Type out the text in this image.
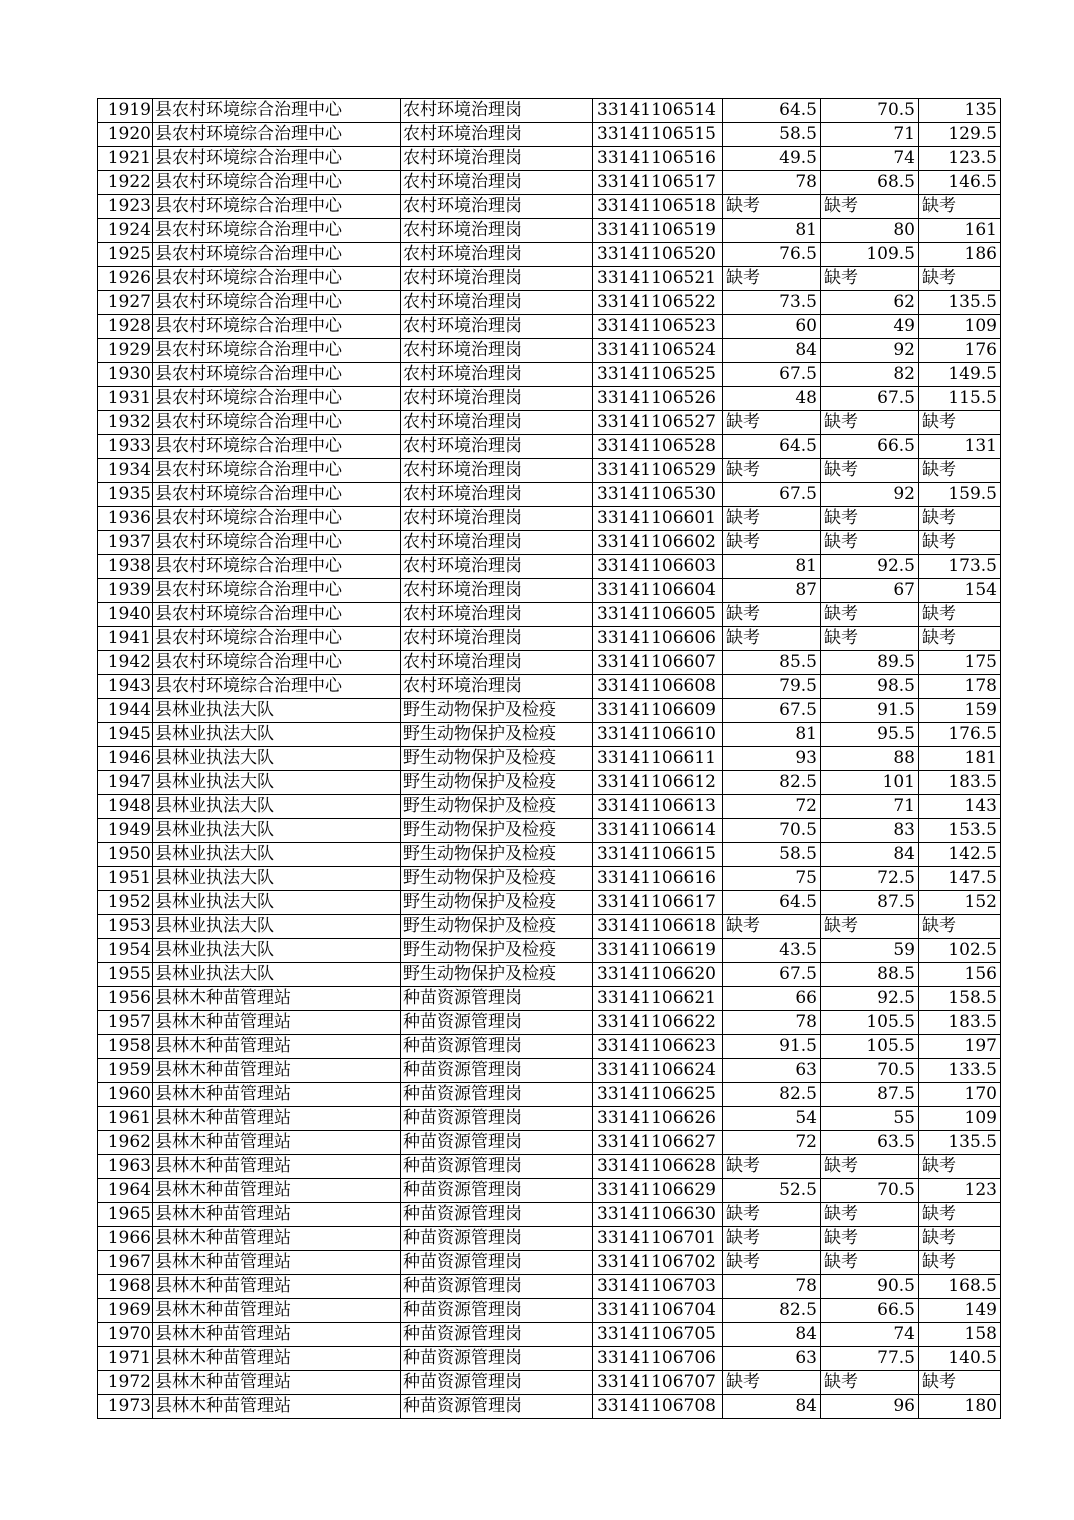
1919	县农村环境综合治理中心	农村环境治理岗	33141106514	64.5	70.5	135
1920	县农村环境综合治理中心	农村环境治理岗	33141106515	58.5	71	129.5
1921	县农村环境综合治理中心	农村环境治理岗	33141106516	49.5	74	123.5
1922	县农村环境综合治理中心	农村环境治理岗	33141106517	78	68.5	146.5
1923	县农村环境综合治理中心	农村环境治理岗	33141106518	缺考	缺考	缺考
1924	县农村环境综合治理中心	农村环境治理岗	33141106519	81	80	161
1925	县农村环境综合治理中心	农村环境治理岗	33141106520	76.5	109.5	186
1926	县农村环境综合治理中心	农村环境治理岗	33141106521	缺考	缺考	缺考
1927	县农村环境综合治理中心	农村环境治理岗	33141106522	73.5	62	135.5
1928	县农村环境综合治理中心	农村环境治理岗	33141106523	60	49	109
1929	县农村环境综合治理中心	农村环境治理岗	33141106524	84	92	176
1930	县农村环境综合治理中心	农村环境治理岗	33141106525	67.5	82	149.5
1931	县农村环境综合治理中心	农村环境治理岗	33141106526	48	67.5	115.5
1932	县农村环境综合治理中心	农村环境治理岗	33141106527	缺考	缺考	缺考
1933	县农村环境综合治理中心	农村环境治理岗	33141106528	64.5	66.5	131
1934	县农村环境综合治理中心	农村环境治理岗	33141106529	缺考	缺考	缺考
1935	县农村环境综合治理中心	农村环境治理岗	33141106530	67.5	92	159.5
1936	县农村环境综合治理中心	农村环境治理岗	33141106601	缺考	缺考	缺考
1937	县农村环境综合治理中心	农村环境治理岗	33141106602	缺考	缺考	缺考
1938	县农村环境综合治理中心	农村环境治理岗	33141106603	81	92.5	173.5
1939	县农村环境综合治理中心	农村环境治理岗	33141106604	87	67	154
1940	县农村环境综合治理中心	农村环境治理岗	33141106605	缺考	缺考	缺考
1941	县农村环境综合治理中心	农村环境治理岗	33141106606	缺考	缺考	缺考
1942	县农村环境综合治理中心	农村环境治理岗	33141106607	85.5	89.5	175
1943	县农村环境综合治理中心	农村环境治理岗	33141106608	79.5	98.5	178
1944	县林业执法大队	野生动物保护及检疫	33141106609	67.5	91.5	159
1945	县林业执法大队	野生动物保护及检疫	33141106610	81	95.5	176.5
1946	县林业执法大队	野生动物保护及检疫	33141106611	93	88	181
1947	县林业执法大队	野生动物保护及检疫	33141106612	82.5	101	183.5
1948	县林业执法大队	野生动物保护及检疫	33141106613	72	71	143
1949	县林业执法大队	野生动物保护及检疫	33141106614	70.5	83	153.5
1950	县林业执法大队	野生动物保护及检疫	33141106615	58.5	84	142.5
1951	县林业执法大队	野生动物保护及检疫	33141106616	75	72.5	147.5
1952	县林业执法大队	野生动物保护及检疫	33141106617	64.5	87.5	152
1953	县林业执法大队	野生动物保护及检疫	33141106618	缺考	缺考	缺考
1954	县林业执法大队	野生动物保护及检疫	33141106619	43.5	59	102.5
1955	县林业执法大队	野生动物保护及检疫	33141106620	67.5	88.5	156
1956	县林木种苗管理站	种苗资源管理岗	33141106621	66	92.5	158.5
1957	县林木种苗管理站	种苗资源管理岗	33141106622	78	105.5	183.5
1958	县林木种苗管理站	种苗资源管理岗	33141106623	91.5	105.5	197
1959	县林木种苗管理站	种苗资源管理岗	33141106624	63	70.5	133.5
1960	县林木种苗管理站	种苗资源管理岗	33141106625	82.5	87.5	170
1961	县林木种苗管理站	种苗资源管理岗	33141106626	54	55	109
1962	县林木种苗管理站	种苗资源管理岗	33141106627	72	63.5	135.5
1963	县林木种苗管理站	种苗资源管理岗	33141106628	缺考	缺考	缺考
1964	县林木种苗管理站	种苗资源管理岗	33141106629	52.5	70.5	123
1965	县林木种苗管理站	种苗资源管理岗	33141106630	缺考	缺考	缺考
1966	县林木种苗管理站	种苗资源管理岗	33141106701	缺考	缺考	缺考
1967	县林木种苗管理站	种苗资源管理岗	33141106702	缺考	缺考	缺考
1968	县林木种苗管理站	种苗资源管理岗	33141106703	78	90.5	168.5
1969	县林木种苗管理站	种苗资源管理岗	33141106704	82.5	66.5	149
1970	县林木种苗管理站	种苗资源管理岗	33141106705	84	74	158
1971	县林木种苗管理站	种苗资源管理岗	33141106706	63	77.5	140.5
1972	县林木种苗管理站	种苗资源管理岗	33141106707	缺考	缺考	缺考
1973	县林木种苗管理站	种苗资源管理岗	33141106708	84	96	180
